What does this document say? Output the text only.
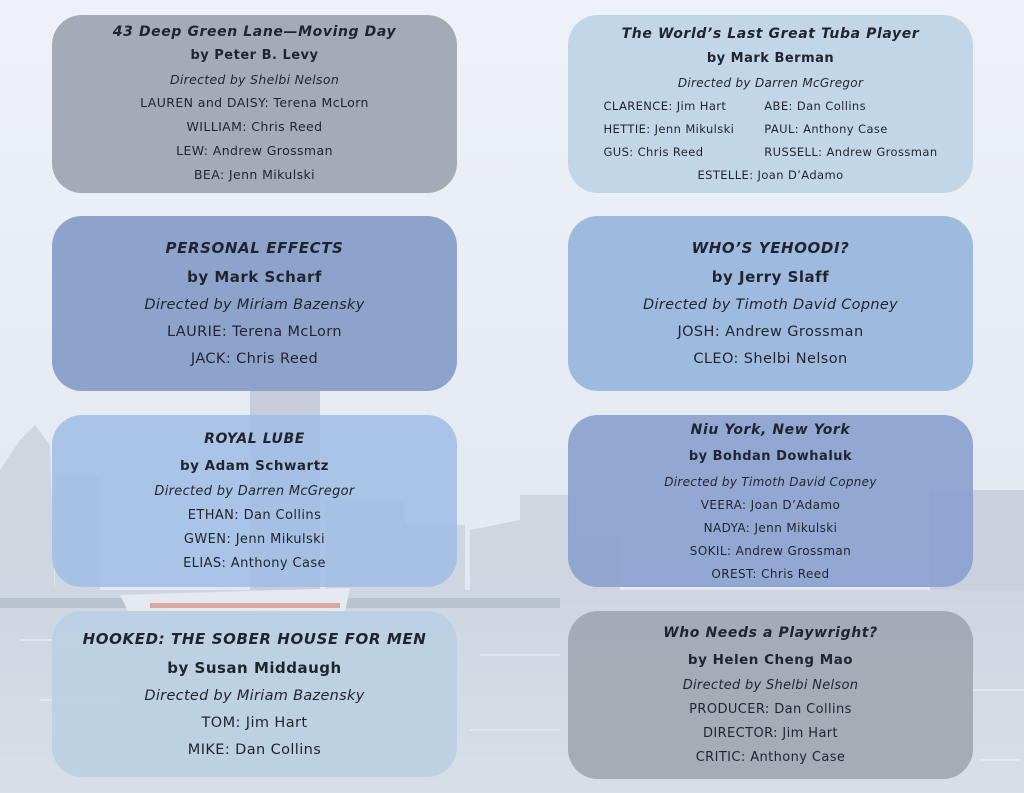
43 Deep Green Lane—Moving Day
by Peter B. Levy
Directed by Shelbi Nelson
LAUREN and DAISY: Terena McLorn
WILLIAM: Chris Reed
LEW: Andrew Grossman
BEA: Jenn Mikulski
The World’s Last Great Tuba Player
by Mark Berman
Directed by Darren McGregor
CLARENCE: Jim Hart	ABE: Dan Collins
HETTIE: Jenn Mikulski	PAUL: Anthony Case
GUS: Chris Reed	RUSSELL: Andrew Grossman
ESTELLE: Joan D’Adamo
PERSONAL EFFECTS
by Mark Scharf
Directed by Miriam Bazensky
LAURIE: Terena McLorn
JACK: Chris Reed
WHO’S YEHOODI?
by Jerry Slaff
Directed by Timoth David Copney
JOSH: Andrew Grossman
CLEO: Shelbi Nelson
ROYAL LUBE
by Adam Schwartz
Directed by Darren McGregor
ETHAN: Dan Collins
GWEN: Jenn Mikulski
ELIAS: Anthony Case
Niu York, New York
by Bohdan Dowhaluk
Directed by Timoth David Copney
VEERA: Joan D’Adamo
NADYA: Jenn Mikulski
SOKIL: Andrew Grossman
OREST: Chris Reed
HOOKED: THE SOBER HOUSE FOR MEN
by Susan Middaugh
Directed by Miriam Bazensky
TOM: Jim Hart
MIKE: Dan Collins
Who Needs a Playwright?
by Helen Cheng Mao
Directed by Shelbi Nelson
PRODUCER: Dan Collins
DIRECTOR: Jim Hart
CRITIC: Anthony Case
